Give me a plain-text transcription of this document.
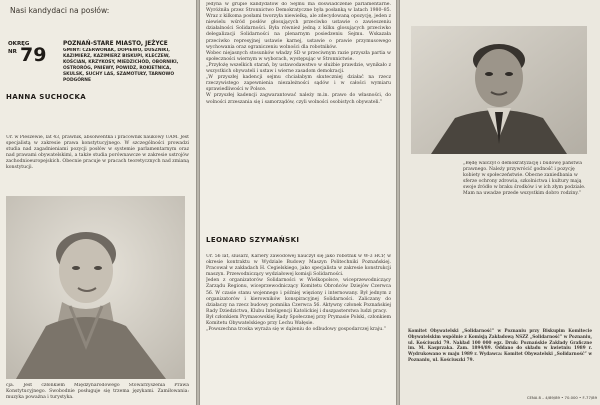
Nasi kandydaci na posłów:
OKRĘG
NR 79	POZNAŃ-STARE MIASTO, JEŻYCE
GMINY: CZERWONAK, DOPIEWO, DUSZNIKI, KAZIMIERZ, KAZIMIERZ BISKUPI, KLECZEW, KOŚCIAN, KRZYKOSY, MIEDZICHÓD, OBORNIKI, OSTRORÓG, PNIEWY, POWIDZ, ROKIETNICA, SKULSK, SUCHY LAS, SZAMOTUŁY, TARNOWO PODGÓRNE
HANNA SUCHOCKA
Ur. w Pleszewie, lat 43, prawnik, absolwentka i pracownik naukowy UAM. Jest specjalistą w zakresie prawa konstytucyjnego. W szczególności prowadzi studia nad zagadnieniami pozycji posłów w systemie parlamentarnym oraz nad prawami obywatelskimi, a także studia porównawcze w zakresie ustrojów zachodnioeuropejskich. Obecnie pracuje w pracach teoretycznych nad zmianą konstytucji.
cja. Jest członkiem Międzynarodowego Stowarzyszenia Prawa Konstytucyjnego. Swobodnie posługuje się trzema językami. Zamiłowania: muzyka poważna i turystyka.
Jedyna w grupie kandydatów do Sejmu ma doświadczenie parlamentarne. Wyróżniła przez Stronnictwo Demokratyczne była posłanką w latach 1980–85. Wraz z kilkoma posłami tworzyła niewielką, ale zdecydowaną opozycję, jeden z niewielu wśród posłów głosujących przeciwko ustawie o zawieszeniu działalności Solidarności. Była również jedną z kilku glosujących przeciwko delegalizacji Solidarności na plenarnym posiedzeniu Sejmu. Wskazała przeciwko represyjnej ustawie karnej, ustawie o prawie przymusowego wychowania oraz ograniczeniu wolności dla robotników.
Wobec niejasnych stosunków władzy SD w przeciwnym razie przyszła partia w społeczności wiernym w wyborach, występując w Stronnictwie.
„Przyłożę wszelkich starań, by ustawodawstwo w służbie prawdzie, wynikało z wszystkich obywateli i ustaw i wierne zasadom demokracji.
„W przyszłej kadencji sejmu chciałabym skuteczniej działać na rzecz rzeczywistego zapewnienia niezależności sądów i w całości wymiaru sprawiedliwości w Polsce.
W przyszłej kadencji zagwarantować należy m.in. prawo do własności, do wolności zrzeszania się i samorządów, czyli wolności osobistych obywateli.”
LEONARD SZYMAŃSKI
Ur. 56 lat, ślusarz, Kariery zawodowej nauczył się jako robotnik w W-3 HCP, w okresie kontraktu w Wydziale Budowy Maszyn Politechniki Poznańskiej. Pracował w zakładach H. Cegielskiego, jako specjalista w zakresie konstrukcji maszyn. Przewodniczący wydziałowej komisji Solidarności.
Jeden z organizatorów Solidarności w Wielkopolsce, wiceprzewodniczący Zarządu Regionu, wiceprzewodniczący Komitetu Obrońców Dziejów Czerwca 56. W czasie stanu wojennego i później więziony i internowany. Był jednym z organizatorów i kierowników konspiracyjnej Solidarności. Zaliczany do działaczy na rzecz budowy pomnika Czerwca 56. Aktywny członek Poznańskiej Rady Dziedzictwa, Klubu Inteligencji Katolickiej i duszpasterstwa ludzi pracy.
Był członkiem Prymasowskiej Rady Społecznej przy Prymasie Polski, członkiem Komitetu Obywatelskiego przy Lechu Wałęsie.
„Powszechna troska wyraża się w dążeniu do odbudowy gospodarczej kraju.”
„Będę walczył o demokratyzację i budowę państwa prawnego. Należy przywrócić godność i pozycję kobiety w społeczeństwie. Obecne zaniedbania w sferze ochrony zdrowia, szkolnictwa i kultury mają swoje źródło w braku środków i w ich złym podziale. Mam na uwadze przede wszystkim dobro rodziny.”
Komitet Obywatelski „Solidarność” w Poznaniu przy Biskupim Komitecie Obywatelskim wspólnie z Komisją Zakładową NSZZ „Solidarność” w Poznaniu, ul. Kościuszki 79. Nakład 100 000 egz. Druk: Poznańskie Zakłady Graficzne im. M. Kasprzaka. Zam. 1894/89. Oddano do składu w kwietniu 1989 r. Wydrukowano w maju 1989 r. Wydawca: Komitet Obywatelski „Solidarność” w Poznaniu, ul. Kościuszki 79.
CENA 8 – 4/89/89 • 70.000 • F-77/89
